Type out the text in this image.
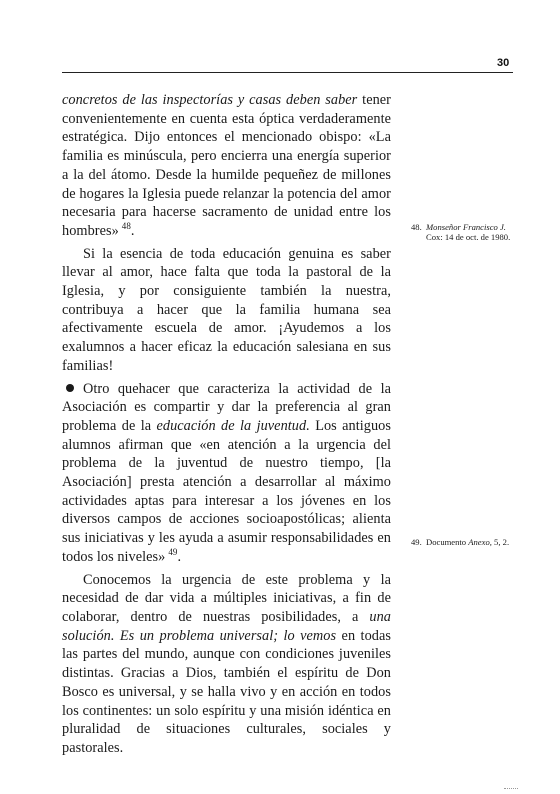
30

concretos de las inspectorías y casas deben saber tener convenientemente en cuenta esta óptica verdaderamente estratégica. Dijo entonces el mencionado obispo: «La familia es minúscula, pero encierra una energía superior a la del átomo. Desde la humilde pequeñez de millones de hogares la Iglesia puede relanzar la potencia del amor necesaria para hacerse sacramento de unidad entre los hombres» $^{48}$.

Si la esencia de toda educación genuina es saber llevar al amor, hace falta que toda la pastoral de la Iglesia, y por consiguiente también la nuestra, contribuya a hacer que la familia humana sea afectivamente escuela de amor. ¡Ayudemos a los exalumnos a hacer eficaz la educación salesiana en sus familias!

Otro quehacer que caracteriza la actividad de la Asociación es compartir y dar la preferencia al gran problema de la educación de la juventud. Los antiguos alumnos afirman que «en atención a la urgencia del problema de la juventud de nuestro tiempo, [la Asociación] presta atención a desarrollar al máximo actividades aptas para interesar a los jóvenes en los diversos campos de acciones socioapostólicas; alienta sus iniciativas y les ayuda a asumir responsabilidades en todos los niveles» $^{49}$.

Conocemos la urgencia de este problema y la necesidad de dar vida a múltiples iniciativas, a fin de colaborar, dentro de nuestras posibilidades, a una solución. Es un problema universal; lo vemos en todas las partes del mundo, aunque con condiciones juveniles distintas. Gracias a Dios, también el espíritu de Don Bosco es universal, y se halla vivo y en acción en todos los continentes: un solo espíritu y una misión idéntica en pluralidad de situaciones culturales, sociales y pastorales.

48. Monseñor Francisco J.
Cox: 14 de oct. de 1980.
49. Documento Anexo, 5, 2.
